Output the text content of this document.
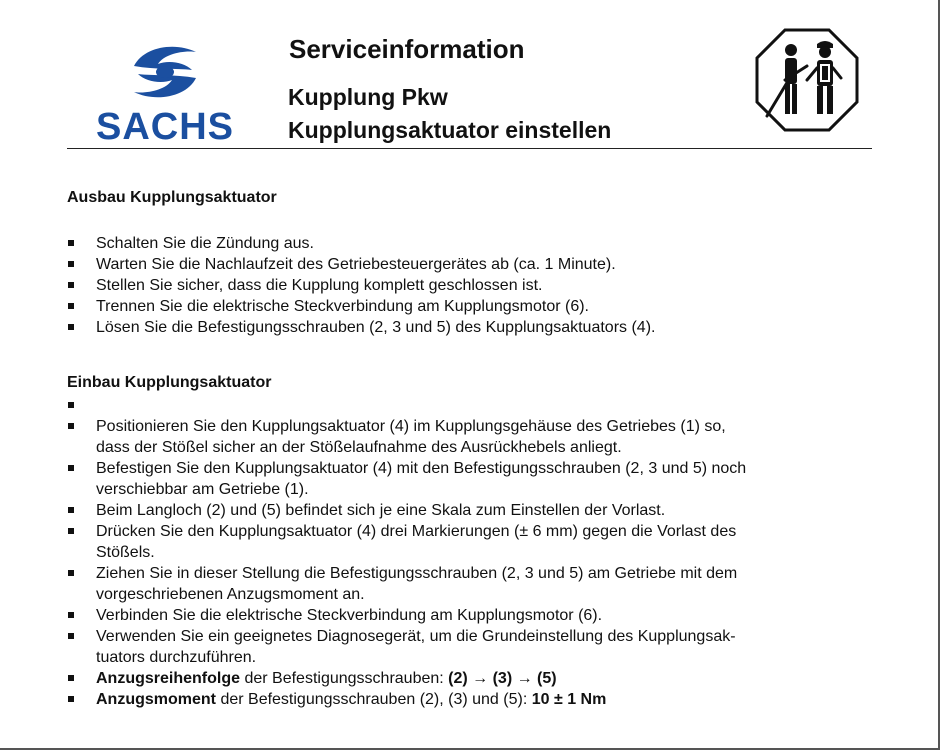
SACHS
Serviceinformation
Kupplung Pkw
Kupplungsaktuator einstellen
Ausbau Kupplungsaktuator
Schalten Sie die Zündung aus.
Warten Sie die Nachlaufzeit des Getriebesteuergerätes ab (ca. 1 Minute).
Stellen Sie sicher, dass die Kupplung komplett geschlossen ist.
Trennen Sie die elektrische Steckverbindung am Kupplungsmotor (6).
Lösen Sie die Befestigungsschrauben (2, 3 und 5) des Kupplungsaktuators (4).
Einbau Kupplungsaktuator
Positionieren Sie den Kupplungsaktuator (4) im Kupplungsgehäuse des Getriebes (1) so,
dass der Stößel sicher an der Stößelaufnahme des Ausrückhebels anliegt.
Befestigen Sie den Kupplungsaktuator (4) mit den Befestigungsschrauben (2, 3 und 5) noch
verschiebbar am Getriebe (1).
Beim Langloch (2) und (5) befindet sich je eine Skala zum Einstellen der Vorlast.
Drücken Sie den Kupplungsaktuator (4) drei Markierungen (± 6 mm) gegen die Vorlast des
Stößels.
Ziehen Sie in dieser Stellung die Befestigungsschrauben (2, 3 und 5) am Getriebe mit dem
vorgeschriebenen Anzugsmoment an.
Verbinden Sie die elektrische Steckverbindung am Kupplungsmotor (6).
Verwenden Sie ein geeignetes Diagnosegerät, um die Grundeinstellung des Kupplungsak-
tuators durchzuführen.
Anzugsreihenfolge der Befestigungsschrauben: (2) → (3) → (5)
Anzugsmoment der Befestigungsschrauben (2), (3) und (5): 10 ± 1 Nm
